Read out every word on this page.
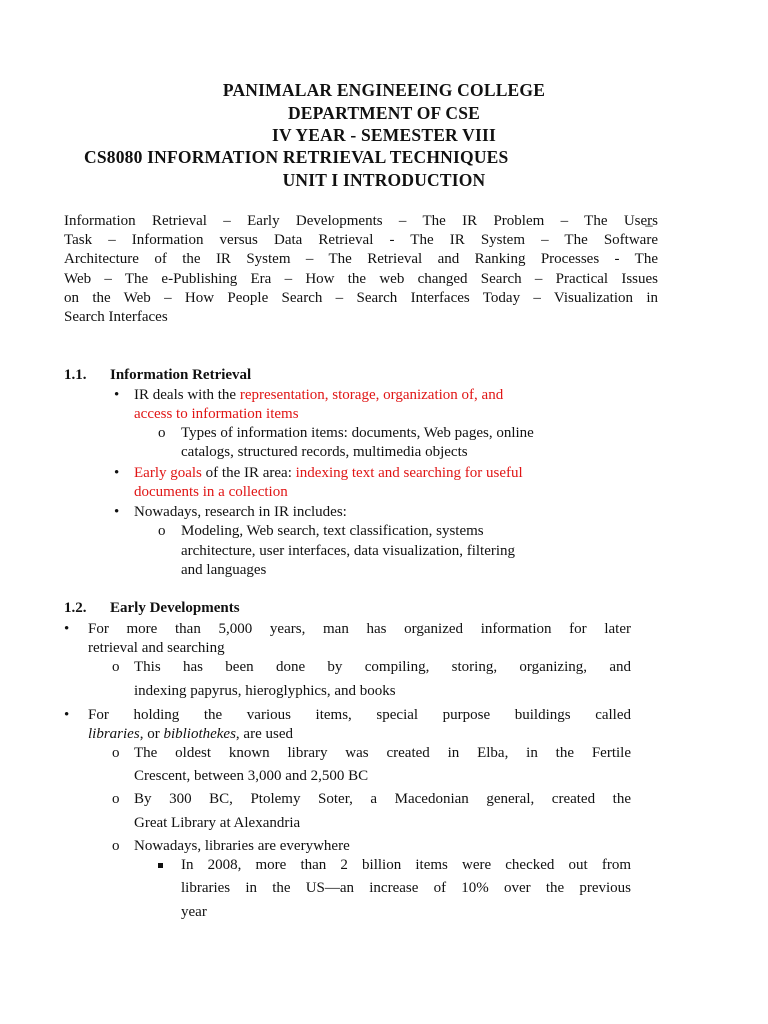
PANIMALAR ENGINEEING COLLEGE
DEPARTMENT OF CSE
IV YEAR - SEMESTER VIII
CS8080 INFORMATION RETRIEVAL TECHNIQUES
UNIT I INTRODUCTION
Information Retrieval – Early Developments – The IR Problem – The User̲s
Task – Information versus Data Retrieval - The IR System – The Software
Architecture of the IR System – The Retrieval and Ranking Processes - The
Web – The e-Publishing Era – How the web changed Search – Practical Issues
on the Web – How People Search – Search Interfaces Today – Visualization in
Search Interfaces
1.1. Information Retrieval
• IR deals with the representation, storage, organization of, and
access to information items
o Types of information items: documents, Web pages, online
catalogs, structured records, multimedia objects
• Early goals of the IR area: indexing text and searching for useful
documents in a collection
• Nowadays, research in IR includes:
o Modeling, Web search, text classification, systems
architecture, user interfaces, data visualization, filtering
and languages
1.2. Early Developments
• For more than 5,000 years, man has organized information for later
retrieval and searching
o This has been done by compiling, storing, organizing, and
indexing papyrus, hieroglyphics, and books
• For holding the various items, special purpose buildings called
libraries, or bibliothekes, are used
o The oldest known library was created in Elba, in the Fertile
Crescent, between 3,000 and 2,500 BC
o By 300 BC, Ptolemy Soter, a Macedonian general, created the
Great Library at Alexandria
o Nowadays, libraries are everywhere
In 2008, more than 2 billion items were checked out from
libraries in the US—an increase of 10% over the previous
year
